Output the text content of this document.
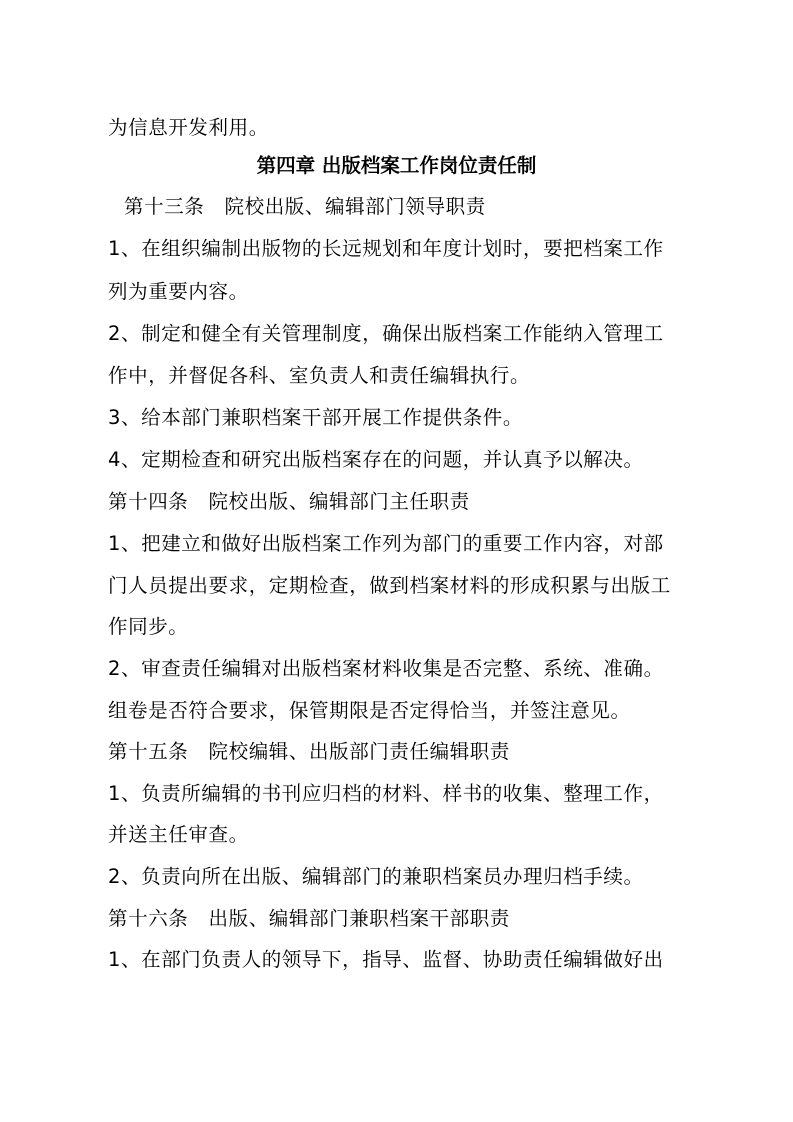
为信息开发利用。
第四章 出版档案工作岗位责任制
第十三条　院校出版、编辑部门领导职责
1、在组织编制出版物的长远规划和年度计划时，要把档案工作
列为重要内容。
2、制定和健全有关管理制度，确保出版档案工作能纳入管理工
作中，并督促各科、室负责人和责任编辑执行。
3、给本部门兼职档案干部开展工作提供条件。
4、定期检查和研究出版档案存在的问题，并认真予以解决。
第十四条　院校出版、编辑部门主任职责
1、把建立和做好出版档案工作列为部门的重要工作内容，对部
门人员提出要求，定期检查，做到档案材料的形成积累与出版工
作同步。
2、审查责任编辑对出版档案材料收集是否完整、系统、准确。
组卷是否符合要求，保管期限是否定得恰当，并签注意见。
第十五条　院校编辑、出版部门责任编辑职责
1、负责所编辑的书刊应归档的材料、样书的收集、整理工作，
并送主任审查。
2、负责向所在出版、编辑部门的兼职档案员办理归档手续。
第十六条　出版、编辑部门兼职档案干部职责
1、在部门负责人的领导下，指导、监督、协助责任编辑做好出
